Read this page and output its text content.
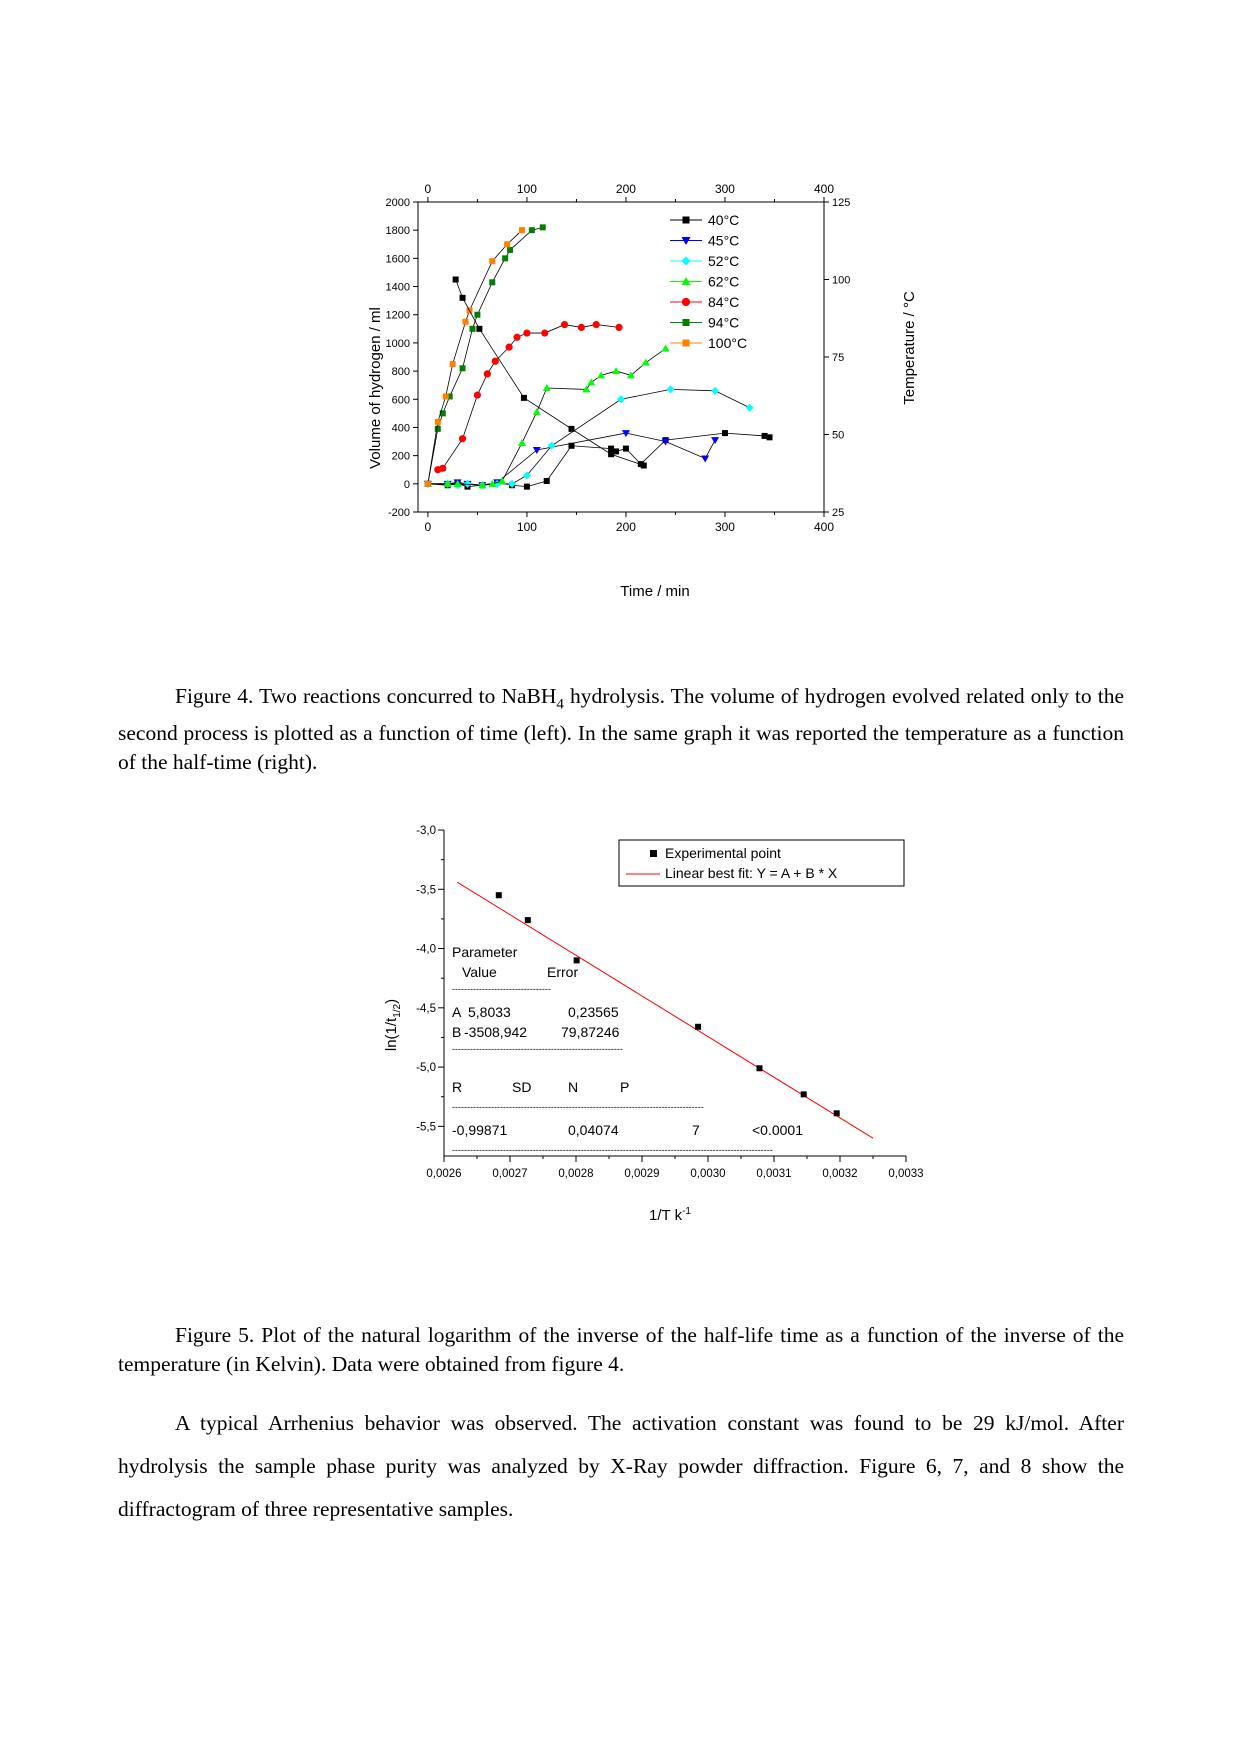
0
0
100
100
200
200
300
300
400
400
-200
0
200
400
600
800
1000
1200
1400
1600
1800
2000
25
50
75
100
125
40°C
45°C
52°C
62°C
84°C
94°C
100°C
Volume of hydrogen / ml
Time / min
Temperature / °C
Figure 4. Two reactions concurred to NaBH$_4$ hydrolysis. The volume of hydrogen evolved related only to the second process is plotted as a function of time (left). In the same graph it was reported the temperature as a function of the half-time (right).
0,0026	0,0027	0,0028	0,0029	0,0030	0,0031	0,0032	0,0033
-3,0
-3,5
-4,0
-4,5
-5,0
-5,5
Experimental point
Linear best fit: Y = A + B * X
Parameter
Value	Error
---------------------------------
A 5,8033	0,23565
B -3508,942 79,87246
---------------------------------------------------------
R	SD	N	P
------------------------------------------------------------------------------------
-0,99871	0,04074	7	<0.0001
-----------------------------------------------------------------------------------------------------------
$\ln(1/t_{1/2})$
1/T $k^{-1}$
Figure 5. Plot of the natural logarithm of the inverse of the half-life time as a function of the inverse of the temperature (in Kelvin). Data were obtained from figure 4.

A typical Arrhenius behavior was observed. The activation constant was found to be 29 kJ/mol. After hydrolysis the sample phase purity was analyzed by X-Ray powder diffraction. Figure 6, 7, and 8 show the diffractogram of three representative samples.
